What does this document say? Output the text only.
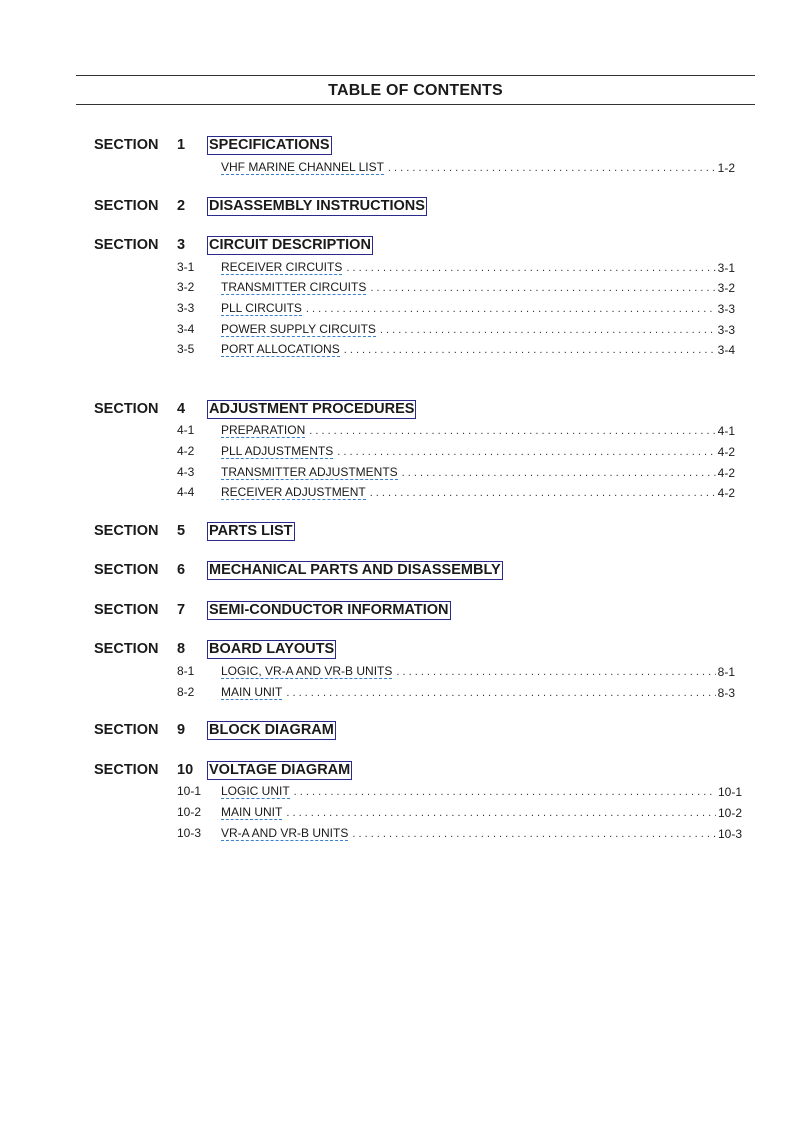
TABLE OF CONTENTS
SECTION 1 SPECIFICATIONS
VHF MARINE CHANNEL LIST . . .	1-2
SECTION 2 DISASSEMBLY INSTRUCTIONS
SECTION 3 CIRCUIT DESCRIPTION
3-1 RECEIVER CIRCUITS . . .	3-1
3-2 TRANSMITTER CIRCUITS . . .	3-2
3-3 PLL CIRCUITS . . .	3-3
3-4 POWER SUPPLY CIRCUITS . . .	3-3
3-5 PORT ALLOCATIONS . . .	3-4
SECTION 4 ADJUSTMENT PROCEDURES
4-1 PREPARATION . . .	4-1
4-2 PLL ADJUSTMENTS . . .	4-2
4-3 TRANSMITTER ADJUSTMENTS . . .	4-2
4-4 RECEIVER ADJUSTMENT . . .	4-2
SECTION 5 PARTS LIST
SECTION 6 MECHANICAL PARTS AND DISASSEMBLY
SECTION 7 SEMI-CONDUCTOR INFORMATION
SECTION 8 BOARD LAYOUTS
8-1 LOGIC, VR-A AND VR-B UNITS . . .	8-1
8-2 MAIN UNIT . . .	8-3
SECTION 9 BLOCK DIAGRAM
SECTION 10 VOLTAGE DIAGRAM
10-1 LOGIC UNIT . . .	10-1
10-2 MAIN UNIT . . .	10-2
10-3 VR-A AND VR-B UNITS . . .	10-3
